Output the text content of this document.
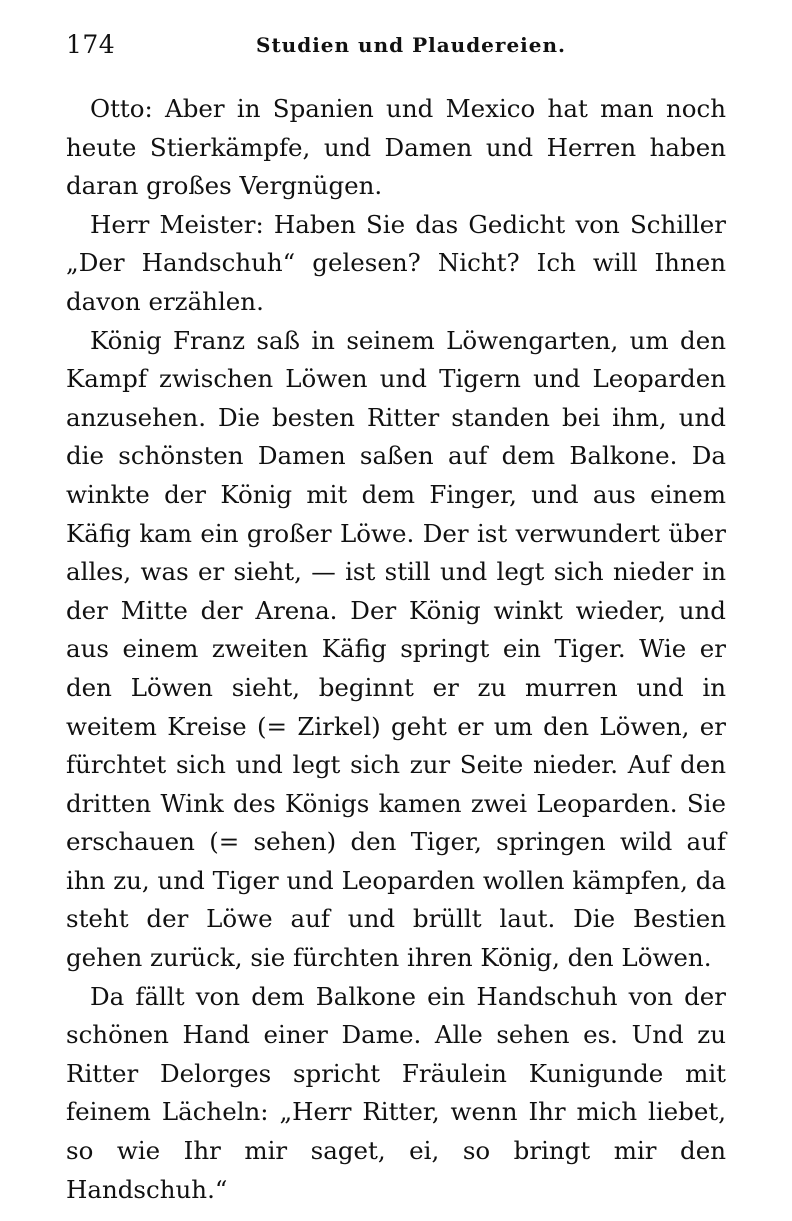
174	Studien und Plaudereien.

Otto: Aber in Spanien und Mexico hat man noch heute Stierkämpfe, und Damen und Herren haben daran großes Vergnügen.

Herr Meister: Haben Sie das Gedicht von Schiller „Der Handschuh“ gelesen? Nicht? Ich will Ihnen davon erzählen.

König Franz saß in seinem Löwengarten, um den Kampf zwischen Löwen und Tigern und Leoparden anzusehen. Die besten Ritter standen bei ihm, und die schönsten Damen saßen auf dem Balkone. Da winkte der König mit dem Finger, und aus einem Käfig kam ein großer Löwe. Der ist verwundert über alles, was er sieht, — ist still und legt sich nieder in der Mitte der Arena. Der König winkt wieder, und aus einem zweiten Käfig springt ein Tiger. Wie er den Löwen sieht, beginnt er zu murren und in weitem Kreise (= Zirkel) geht er um den Löwen, er fürchtet sich und legt sich zur Seite nieder. Auf den dritten Wink des Königs kamen zwei Leoparden. Sie erschauen (= sehen) den Tiger, springen wild auf ihn zu, und Tiger und Leoparden wollen kämpfen, da steht der Löwe auf und brüllt laut. Die Bestien gehen zurück, sie fürchten ihren König, den Löwen.

Da fällt von dem Balkone ein Handschuh von der schönen Hand einer Dame. Alle sehen es. Und zu Ritter Delorges spricht Fräulein Kunigunde mit feinem Lächeln: „Herr Ritter, wenn Ihr mich liebet, so wie Ihr mir saget, ei, so bringt mir den Handschuh.“
